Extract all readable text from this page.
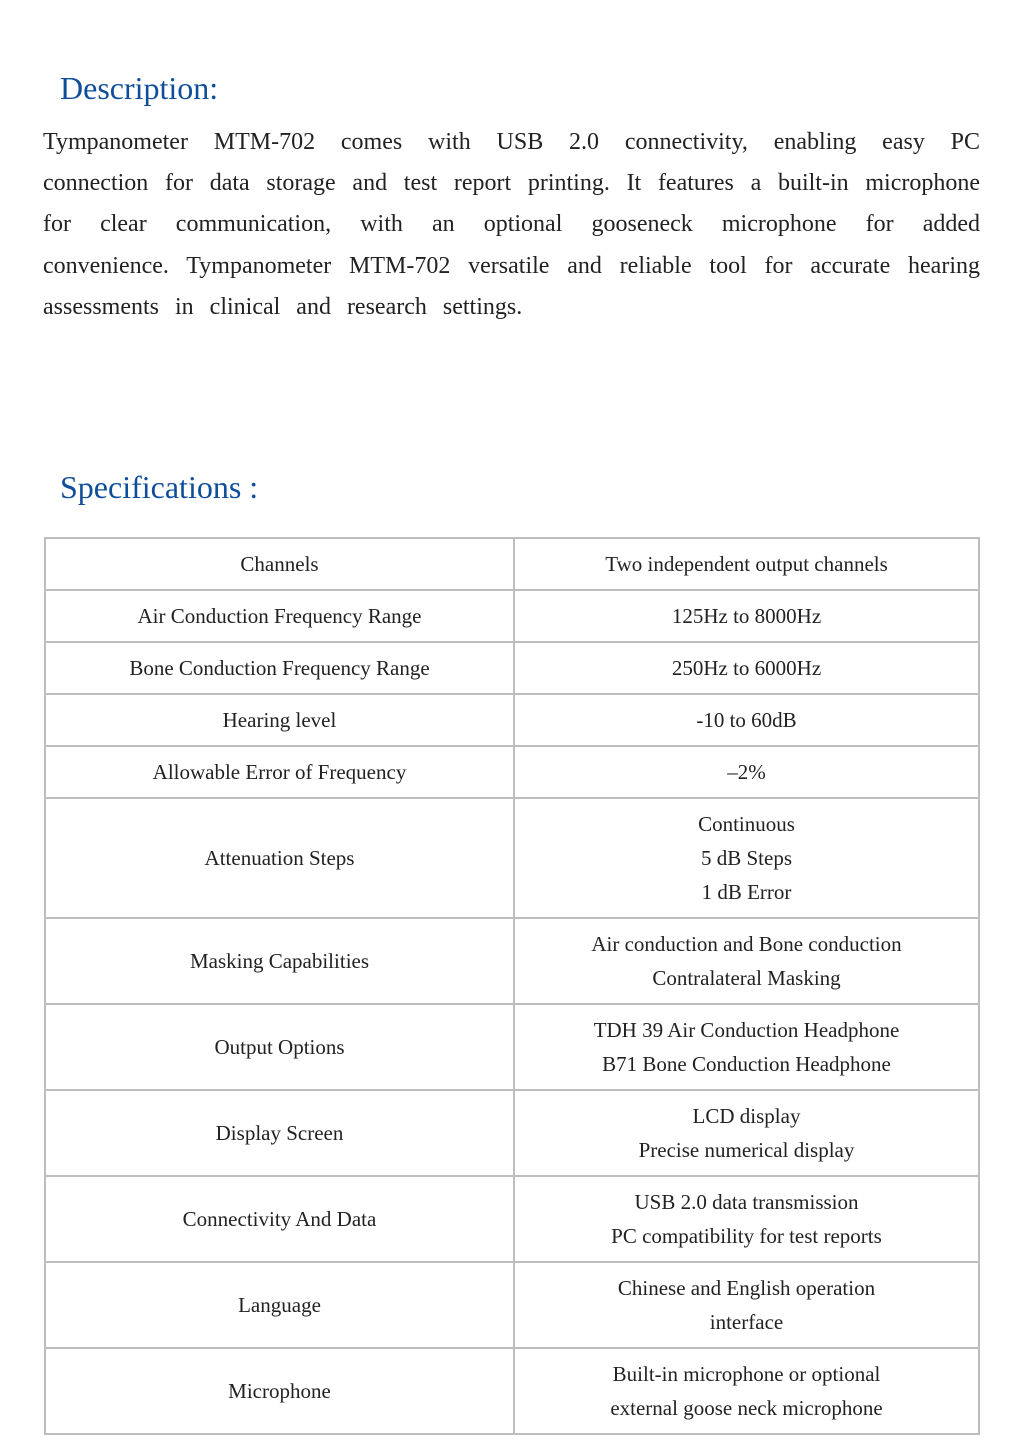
Description:

Tympanometer MTM-702 comes with USB 2.0 connectivity, enabling easy PC connection for data storage and test report printing. It features a built-in microphone for clear communication, with an optional gooseneck microphone for added convenience. Tympanometer MTM-702 versatile and reliable tool for accurate hearing assessments in clinical and research settings.

Specifications :
Channels	Two independent output channels

Air Conduction Frequency Range	125Hz to 8000Hz

Bone Conduction Frequency Range	250Hz to 6000Hz

Hearing level	-10 to 60dB

Allowable Error of Frequency	–2%

Attenuation Steps	Continuous
5 dB Steps
1 dB Error

Masking Capabilities	Air conduction and Bone conduction
Contralateral Masking

Output Options	TDH 39 Air Conduction Headphone
B71 Bone Conduction Headphone

Display Screen	LCD display
Precise numerical display

Connectivity And Data	USB 2.0 data transmission
PC compatibility for test reports

Language	Chinese and English operation
interface

Microphone	Built-in microphone or optional
external goose neck microphone
